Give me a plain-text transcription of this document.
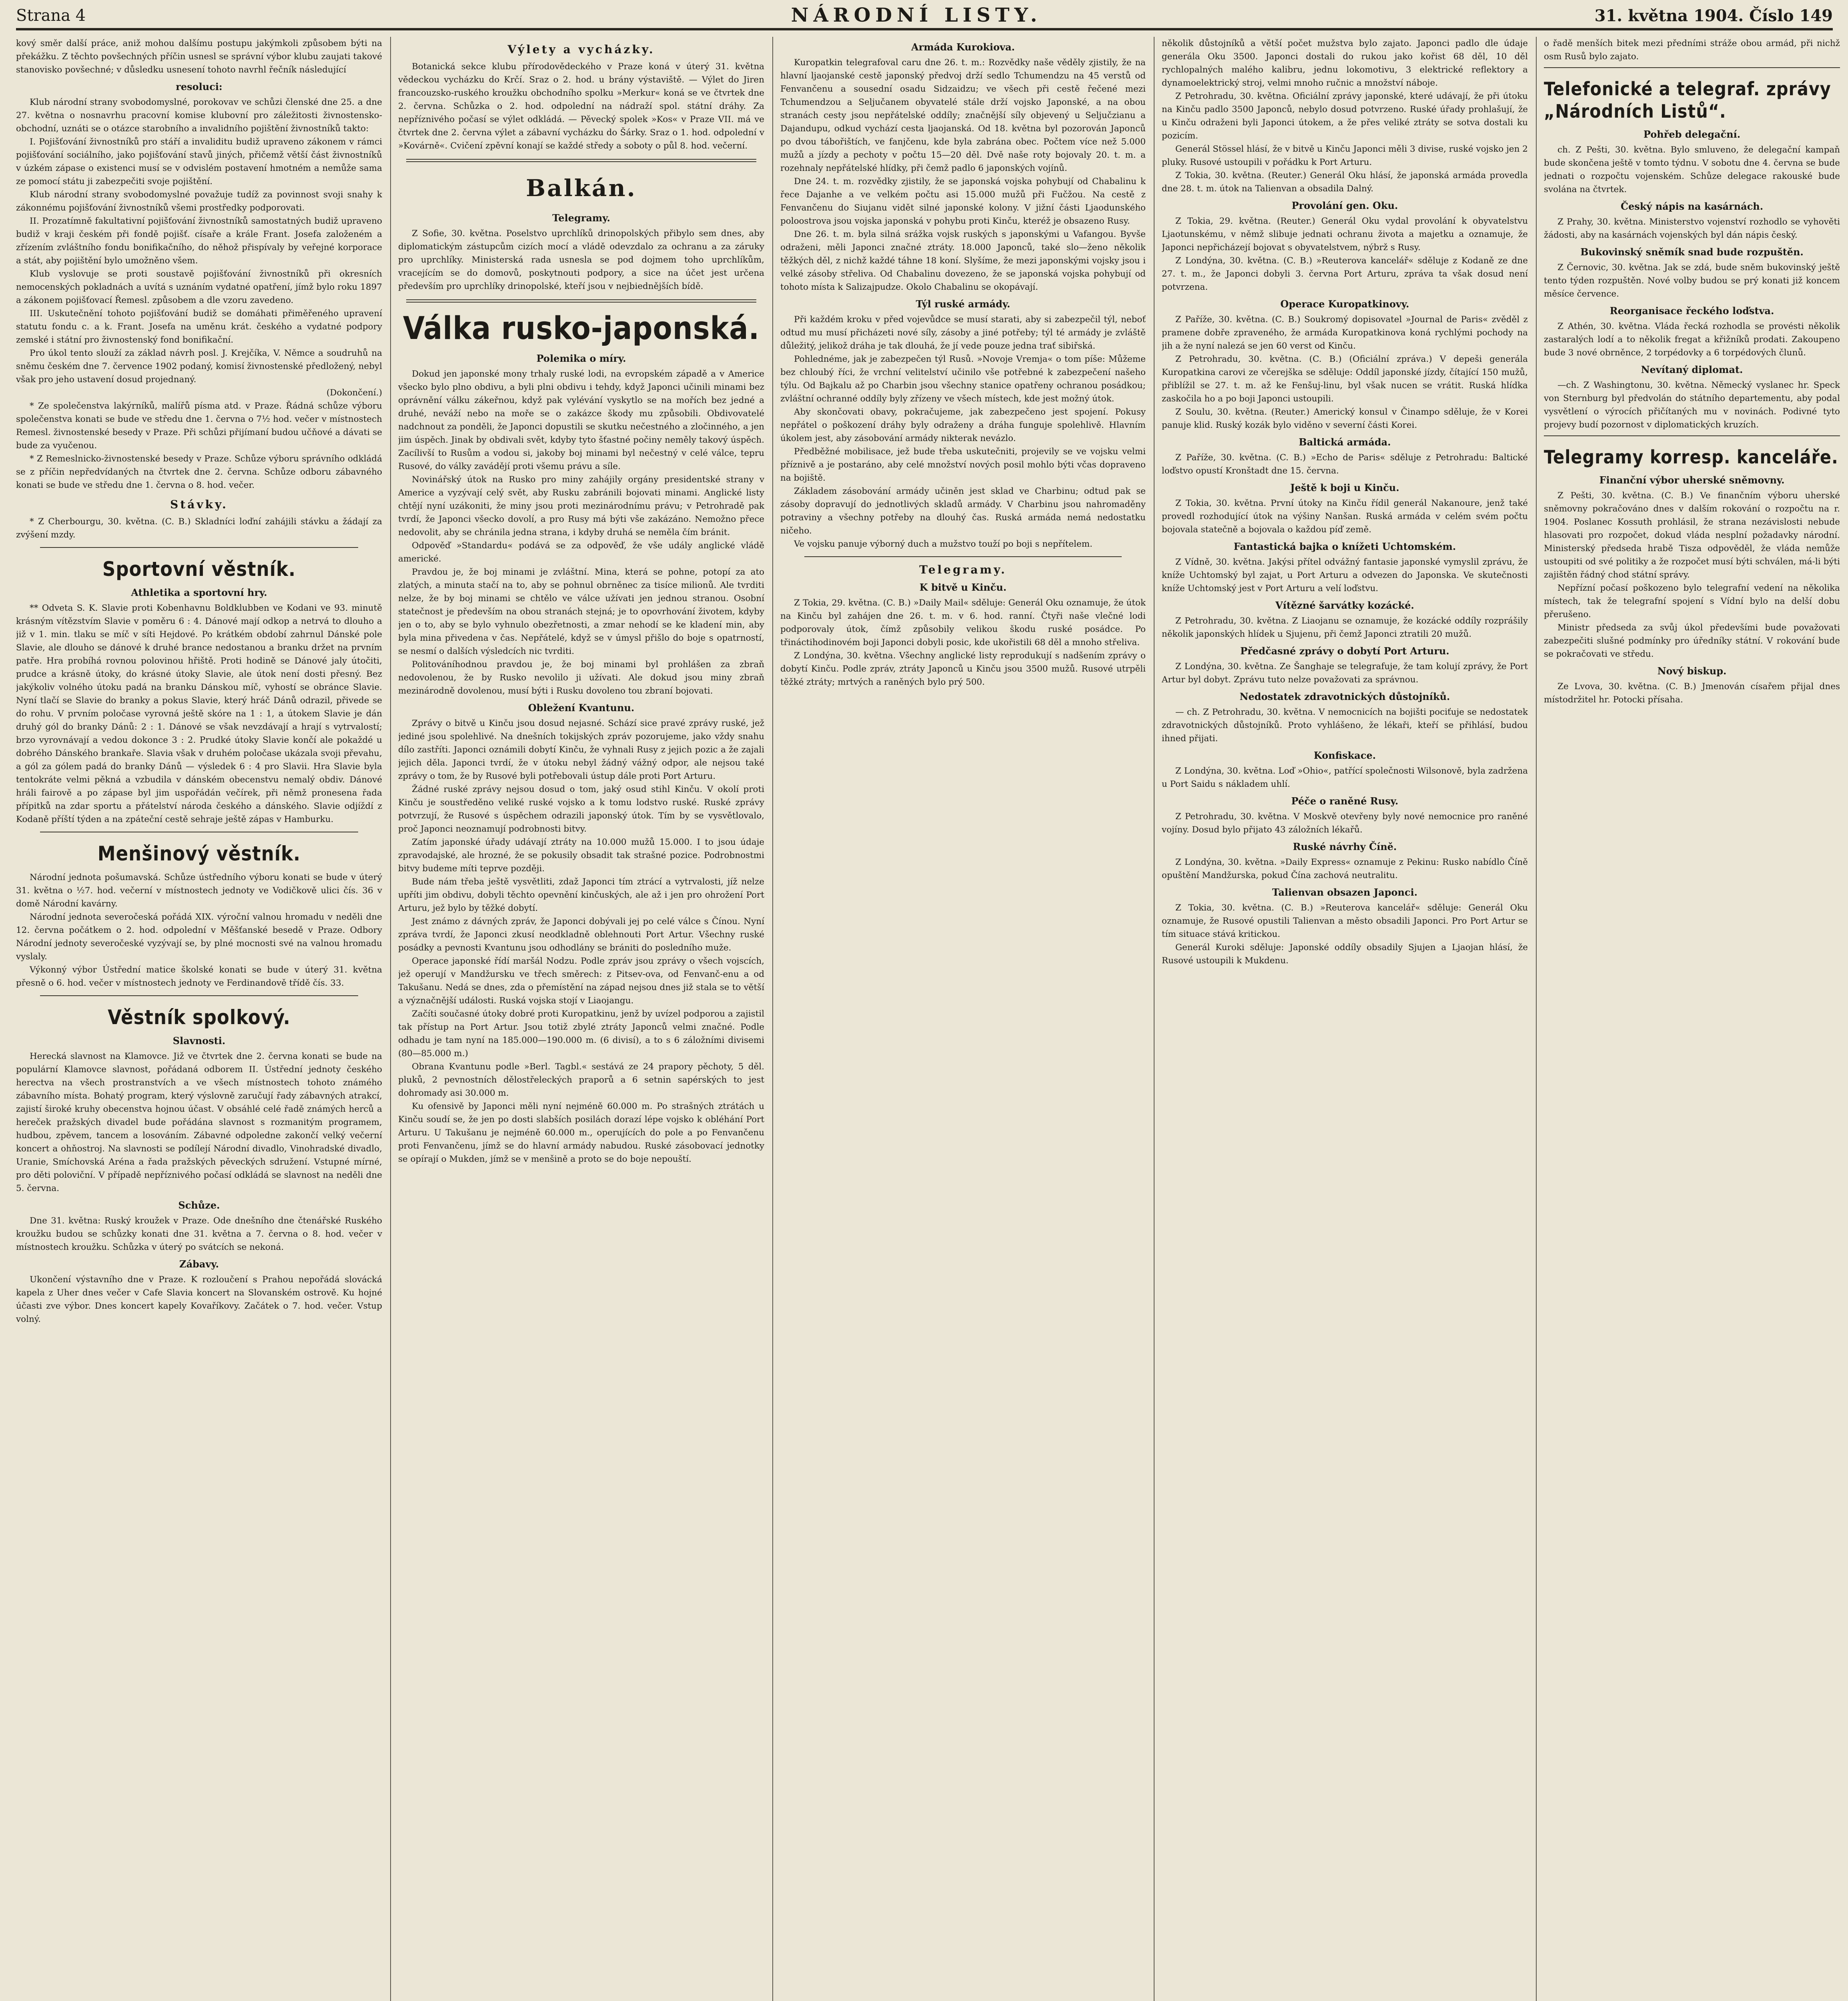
Strana 4	NÁRODNÍ LISTY.	31. května 1904. Číslo 149

kový směr další práce, aniž mohou dalšímu postupu jakýmkoli způsobem býti na překážku. Z těchto povšechných příčin usnesl se správní výbor klubu zaujati takové stanovisko povšechné; v důsledku usnesení tohoto navrhl řečník následující

resoluci:

Klub národní strany svobodomyslné, porokovav ve schůzi členské dne 25. a dne 27. května o nosnavrhu pracovní komise klubovní pro záležitosti živnostensko-obchodní, uznáti se o otázce starobního a invalidního pojištění živnostníků takto:

I. Pojišťování živnostníků pro stáří a invaliditu budiž upraveno zákonem v rámci pojišťování sociálního, jako pojišťování stavů jiných, přičemž větší část živnostníků v úzkém zápase o existenci musí se v odvislém postavení hmotném a nemůže sama ze pomocí státu ji zabezpečiti svoje pojištění.

Klub národní strany svobodomyslné považuje tudíž za povinnost svoji snahy k zákonnému pojišťování živnostníků všemi prostředky podporovati.

II. Prozatímně fakultativní pojišťování živnostníků samostatných budiž upraveno budiž v kraji českém při fondě pojišť. císaře a krále Frant. Josefa založeném a zřízením zvláštního fondu bonifikačního, do něhož přispívaly by veřejné korporace a stát, aby pojištění bylo umožněno všem.

Klub vyslovuje se proti soustavě pojišťování živnostníků při okresních nemocenských pokladnách a uvítá s uznáním vydatné opatření, jímž bylo roku 1897 a zákonem pojišťovací Řemesl. způsobem a dle vzoru zavedeno.

III. Uskutečnění tohoto pojišťování budiž se domáhati přiměřeného upravení statutu fondu c. a k. Frant. Josefa na uměnu krát. českého a vydatné podpory zemské i státní pro živnostenský fond bonifikační.

Pro úkol tento slouží za základ návrh posl. J. Krejčíka, V. Němce a soudruhů na sněmu českém dne 7. července 1902 podaný, komisí živnostenské předložený, nebyl však pro jeho ustavení dosud projednaný.

(Dokončení.)

* Ze společenstva lakýrníků, malířů písma atd. v Praze. Řádná schůze výboru společenstva konati se bude ve středu dne 1. června o 7½ hod. večer v místnostech Remesl. živnostenské besedy v Praze. Při schůzi přijímaní budou učňové a dávati se bude za vyučenou.

* Z Remeslnicko-živnostenské besedy v Praze. Schůze výboru správního odkládá se z příčin nepředvídaných na čtvrtek dne 2. června. Schůze odboru zábavného konati se bude ve středu dne 1. června o 8. hod. večer.

Stávky.

* Z Cherbourgu, 30. května. (C. B.) Skladníci loďní zahájili stávku a žádají za zvýšení mzdy.

Sportovní věstník.
Athletika a sportovní hry.

** Odveta S. K. Slavie proti Kobenhavnu Boldklubben ve Kodani ve 93. minutě krásným vítězstvím Slavie v poměru 6 : 4. Dánové mají odkop a netrvá to dlouho a již v 1. min. tlaku se míč v síti Hejdové. Po krátkém období zahrnul Dánské pole Slavie, ale dlouho se dánové k druhé brance nedostanou a branku držet na prvním patře. Hra probíhá rovnou polovinou hřiště. Proti hodině se Dánové jaly útočiti, prudce a krásně útoky, do krásné útoky Slavie, ale útok není dosti přesný. Bez jakýkoliv volného útoku padá na branku Dánskou míč, vyhostí se obránce Slavie. Nyní tlačí se Slavie do branky a pokus Slavie, který hráč Dánů odrazil, přivede se do rohu. V prvním poločase vyrovná ještě skóre na 1 : 1, a útokem Slavie je dán druhý gól do branky Dánů: 2 : 1. Dánové se však nevzdávají a hrají s vytrvalostí; brzo vyrovnávají a vedou dokonce 3 : 2. Prudké útoky Slavie končí ale pokaždé u dobrého Dánského brankaře. Slavia však v druhém poločase ukázala svoji převahu, a gól za gólem padá do branky Dánů — výsledek 6 : 4 pro Slavii. Hra Slavie byla tentokráte velmi pěkná a vzbudila v dánském obecenstvu nemalý obdiv. Dánové hráli fairově a po zápase byl jim uspořádán večírek, při němž pronesena řada přípitků na zdar sportu a přátelství národa českého a dánského. Slavie odjíždí z Kodaně příští týden a na zpáteční cestě sehraje ještě zápas v Hamburku.

Menšinový věstník.

Národní jednota pošumavská. Schůze ústředního výboru konati se bude v úterý 31. května o ½7. hod. večerní v místnostech jednoty ve Vodičkově ulici čís. 36 v domě Národní kavárny.

Národní jednota severočeská pořádá XIX. výroční valnou hromadu v neděli dne 12. června počátkem o 2. hod. odpolední v Měšťanské besedě v Praze. Odbory Národní jednoty severočeské vyzývají se, by plné mocnosti své na valnou hromadu vyslaly.

Výkonný výbor Ústřední matice školské konati se bude v úterý 31. května přesně o 6. hod. večer v místnostech jednoty ve Ferdinandově třídě čís. 33.

Věstník spolkový.
Slavnosti.

Herecká slavnost na Klamovce. Již ve čtvrtek dne 2. června konati se bude na populární Klamovce slavnost, pořádaná odborem II. Ústřední jednoty českého herectva na všech prostranstvích a ve všech místnostech tohoto známého zábavního místa. Bohatý program, který výslovně zaručují řady zábavných atrakcí, zajistí široké kruhy obecenstva hojnou účast. V obsáhlé celé řadě známých herců a hereček pražských divadel bude pořádána slavnost s rozmanitým programem, hudbou, zpěvem, tancem a losováním. Zábavné odpoledne zakončí velký večerní koncert a ohňostroj. Na slavnosti se podílejí Národní divadlo, Vinohradské divadlo, Uranie, Smíchovská Aréna a řada pražských pěveckých sdružení. Vstupné mírné, pro děti poloviční. V případě nepříznivého počasí odkládá se slavnost na neděli dne 5. června.

Schůze.

Dne 31. května: Ruský kroužek v Praze. Ode dnešního dne čtenářské Ruského kroužku budou se schůzky konati dne 31. května a 7. června o 8. hod. večer v místnostech kroužku. Schůzka v úterý po svátcích se nekoná.

Zábavy.

Ukončení výstavního dne v Praze. K rozloučení s Prahou nepořádá slovácká kapela z Uher dnes večer v Cafe Slavia koncert na Slovanském ostrově. Ku hojné účasti zve výbor. Dnes koncert kapely Kovaříkovy. Začátek o 7. hod. večer. Vstup volný.

Výlety a vycházky.

Botanická sekce klubu přírodovědeckého v Praze koná v úterý 31. května vědeckou vycházku do Krčí. Sraz o 2. hod. u brány výstaviště. — Výlet do Jiren francouzsko-ruského kroužku obchodního spolku »Merkur« koná se ve čtvrtek dne 2. června. Schůzka o 2. hod. odpolední na nádraží spol. státní dráhy. Za nepříznivého počasí se výlet odkládá. — Pěvecký spolek »Kos« v Praze VII. má ve čtvrtek dne 2. června výlet a zábavní vycházku do Šárky. Sraz o 1. hod. odpolední v »Kovárně«. Cvičení zpěvní konají se každé středy a soboty o půl 8. hod. večerní.

Balkán.
Telegramy.

Z Sofie, 30. května. Poselstvo uprchlíků drinopolských přibylo sem dnes, aby diplomatickým zástupcům cizích mocí a vládě odevzdalo za ochranu a za záruky pro uprchlíky. Ministerská rada usnesla se pod dojmem toho uprchlíkům, vracejícím se do domovů, poskytnouti podpory, a sice na účet jest určena především pro uprchlíky drinopolské, kteří jsou v nejbiednějších bídě.

Válka rusko-japonská.
Polemika o míry.

Dokud jen japonské mony trhaly ruské lodi, na evropském západě a v Americe všecko bylo plno obdivu, a byli plni obdivu i tehdy, když Japonci učinili minami bez oprávnění válku zákeřnou, když pak vylévání vyskytlo se na mořích bez jedné a druhé, neváží nebo na moře se o zakázce škody mu způsobili. Obdivovatelé nadchnout za ponděli, že Japonci dopustili se skutku nečestného a zločinného, a jen jim úspěch. Jinak by obdivali svět, kdyby tyto šťastné počiny neměly takový úspěch. Zacílivší to Rusům a vodou si, jakoby boj minami byl nečestný v celé válce, tepru Rusové, do války zavádějí proti všemu právu a síle.

Novinářský útok na Rusko pro miny zahájily orgány presidentské strany v Americe a vyzývají celý svět, aby Rusku zabránili bojovati minami. Anglické listy chtějí nyní uzákoniti, že miny jsou proti mezinárodnímu právu; v Petrohradě pak tvrdí, že Japonci všecko dovolí, a pro Rusy má býti vše zakázáno. Nemožno přece nedovolit, aby se chránila jedna strana, i kdyby druhá se neměla čím bránit.

Odpověď »Standardu« podává se za odpověď, že vše udály anglické vládě americké.

Pravdou je, že boj minami je zvláštní. Mina, která se pohne, potopí za ato zlatých, a minuta stačí na to, aby se pohnul obrněnec za tisíce milionů. Ale tvrditi nelze, že by boj minami se chtělo ve válce užívati jen jednou stranou. Osobní statečnost je především na obou stranách stejná; je to opovrhování životem, kdyby jen o to, aby se bylo vyhnulo obezřetnosti, a zmar nehodí se ke kladení min, aby byla mina přivedena v čas. Nepřátelé, když se v úmysl přišlo do boje s opatrností, se nesmí o dalších výsledcích nic tvrditi.

Politováníhodnou pravdou je, že boj minami byl prohlášen za zbraň nedovolenou, že by Rusko nevolilo ji užívati. Ale dokud jsou miny zbraň mezinárodně dovolenou, musí býti i Rusku dovoleno tou zbraní bojovati.

Obležení Kvantunu.

Zprávy o bitvě u Kinču jsou dosud nejasné. Schází sice pravé zprávy ruské, jež jediné jsou spolehlivé. Na dnešních tokijských zpráv pozorujeme, jako vždy snahu dílo zastříti. Japonci oznámili dobytí Kinču, že vyhnali Rusy z jejich pozic a že zajali jejich děla. Japonci tvrdí, že v útoku nebyl žádný vážný odpor, ale nejsou také zprávy o tom, že by Rusové byli potřebovali ústup dále proti Port Arturu.

Žádné ruské zprávy nejsou dosud o tom, jaký osud stihl Kinču. V okolí proti Kinču je soustředěno veliké ruské vojsko a k tomu lodstvo ruské. Ruské zprávy potvrzují, že Rusové s úspěchem odrazili japonský útok. Tím by se vysvětlovalo, proč Japonci neoznamují podrobnosti bitvy.

Zatím japonské úřady udávají ztráty na 10.000 mužů 15.000. I to jsou údaje zpravodajské, ale hrozné, že se pokusily obsadit tak strašné pozice. Podrobnostmi bitvy budeme míti teprve později.

Bude nám třeba ještě vysvětliti, zdaž Japonci tím ztrácí a vytrvalosti, jíž nelze upříti jim obdivu, dobyli těchto opevnění kinčuských, ale až i jen pro ohrožení Port Arturu, jež bylo by těžké dobytí.

Jest známo z dávných zpráv, že Japonci dobývali jej po celé válce s Čínou. Nyní zpráva tvrdí, že Japonci zkusí neodkladně oblehnouti Port Artur. Všechny ruské posádky a pevnosti Kvantunu jsou odhodlány se brániti do posledního muže.

Operace japonské řídí maršál Nodzu. Podle zpráv jsou zprávy o všech vojscích, jež operují v Mandžursku ve třech směrech: z Pitsev-ova, od Fenvanč-enu a od Takušanu. Nedá se dnes, zda o přemístění na západ nejsou dnes již stala se to větší a význačnější události. Ruská vojska stojí v Liaojangu.

Začíti současné útoky dobré proti Kuropatkinu, jenž by uvízel podporou a zajistil tak přístup na Port Artur. Jsou totiž zbylé ztráty Japonců velmi značné. Podle odhadu je tam nyní na 185.000—190.000 m. (6 divisí), a to s 6 záložními divisemi (80—85.000 m.)

Obrana Kvantunu podle »Berl. Tagbl.« sestává ze 24 prapory pěchoty, 5 děl. pluků, 2 pevnostních dělostřeleckých praporů a 6 setnin sapérských to jest dohromady asi 30.000 m.

Ku ofensivě by Japonci měli nyní nejméně 60.000 m. Po strašných ztrátách u Kinču soudí se, že jen po dosti slabších posilách dorazí lépe vojsko k obléhání Port Arturu. U Takušanu je nejméně 60.000 m., operujících do pole a po Fenvančenu proti Fenvančenu, jímž se do hlavní armády nabudou. Ruské zásobovací jednotky se opírají o Mukden, jímž se v menšině a proto se do boje nepouští.

Armáda Kurokiova.

Kuropatkin telegrafoval caru dne 26. t. m.: Rozvědky naše věděly zjistily, že na hlavní ljaojanské cestě japonský předvoj drží sedlo Tchumendzu na 45 verstů od Fenvančenu a sousední osadu Sidzaidzu; ve všech při cestě řečené mezi Tchumendzou a Seljučanem obyvatelé stále drží vojsko Japonské, a na obou stranách cesty jsou nepřátelské oddíly; značnější síly objevený u Seljučzianu a Dajandupu, odkud vychází cesta ljaojanská. Od 18. května byl pozorován Japonců po dvou tábořištích, ve fanjčenu, kde byla zabrána obec. Počtem více než 5.000 mužů a jízdy a pechoty v počtu 15—20 děl. Dvě naše roty bojovaly 20. t. m. a rozehnaly nepřátelské hlídky, při čemž padlo 6 japonských vojínů.

Dne 24. t. m. rozvědky zjistily, že se japonská vojska pohybují od Chabalinu k řece Dajanhe a ve velkém počtu asi 15.000 mužů při Fučžou. Na cestě z Fenvančenu do Siujanu vidět silné japonské kolony. V jižní části Ljaodunského poloostrova jsou vojska japonská v pohybu proti Kinču, kteréž je obsazeno Rusy.

Dne 26. t. m. byla silná srážka vojsk ruských s japonskými u Vafangou. Byvše odraženi, měli Japonci značné ztráty. 18.000 Japonců, také slo—ženo několik těžkých děl, z nichž každé táhne 18 koní. Slyšíme, že mezi japonskými vojsky jsou i velké zásoby střeliva. Od Chabalinu dovezeno, že se japonská vojska pohybují od tohoto místa k Salizajpudze. Okolo Chabalinu se okopávají.

Týl ruské armády.

Při každém kroku v před vojevůdce se musí starati, aby si zabezpečil týl, neboť odtud mu musí přicházeti nové síly, zásoby a jiné potřeby; týl té armády je zvláště důležitý, jelikož dráha je tak dlouhá, že jí vede pouze jedna trať sibiřská.

Pohlednéme, jak je zabezpečen týl Rusů. »Novoje Vremja« o tom píše: Můžeme bez chloubý říci, že vrchní velitelství učinilo vše potřebné k zabezpečení našeho týlu. Od Bajkalu až po Charbin jsou všechny stanice opatřeny ochranou posádkou; zvláštní ochranné oddíly byly zřízeny ve všech místech, kde jest možný útok.

Aby skončovati obavy, pokračujeme, jak zabezpečeno jest spojení. Pokusy nepřátel o poškození dráhy byly odraženy a dráha funguje spolehlivě. Hlavním úkolem jest, aby zásobování armády nikterak nevázlo.

Předběžné mobilisace, jež bude třeba uskutečniti, projevily se ve vojsku velmi příznivě a je postaráno, aby celé množství nových posil mohlo býti včas dopraveno na bojiště.

Základem zásobování armády učiněn jest sklad ve Charbinu; odtud pak se zásoby dopravují do jednotlivých skladů armády. V Charbinu jsou nahromaděny potraviny a všechny potřeby na dlouhý čas. Ruská armáda nemá nedostatku ničeho.

Ve vojsku panuje výborný duch a mužstvo touží po boji s nepřítelem.

Telegramy.
K bitvě u Kinču.

Z Tokia, 29. května. (C. B.) »Daily Mail« sděluje: Generál Oku oznamuje, že útok na Kinču byl zahájen dne 26. t. m. v 6. hod. ranní. Čtyři naše vlečné lodi podporovaly útok, čímž způsobily velikou škodu ruské posádce. Po třináctihodinovém boji Japonci dobyli posic, kde ukořistili 68 děl a mnoho střeliva.

Z Londýna, 30. května. Všechny anglické listy reprodukují s nadšením zprávy o dobytí Kinču. Podle zpráv, ztráty Japonců u Kinču jsou 3500 mužů. Rusové utrpěli těžké ztráty; mrtvých a raněných bylo prý 500.

několik důstojníků a větší počet mužstva bylo zajato. Japonci padlo dle údaje generála Oku 3500. Japonci dostali do rukou jako kořist 68 děl, 10 děl rychlopalných malého kalibru, jednu lokomotivu, 3 elektrické reflektory a dynamoelektrický stroj, velmi mnoho ručnic a množství náboje.

Z Petrohradu, 30. května. Oficiální zprávy japonské, které udávají, že při útoku na Kinču padlo 3500 Japonců, nebylo dosud potvrzeno. Ruské úřady prohlašují, že u Kinču odraženi byli Japonci útokem, a že přes veliké ztráty se sotva dostali ku pozicím.

Generál Stössel hlásí, že v bitvě u Kinču Japonci měli 3 divise, ruské vojsko jen 2 pluky. Rusové ustoupili v pořádku k Port Arturu.

Z Tokia, 30. května. (Reuter.) Generál Oku hlásí, že japonská armáda provedla dne 28. t. m. útok na Talienvan a obsadila Dalný.

Provolání gen. Oku.

Z Tokia, 29. května. (Reuter.) Generál Oku vydal provolání k obyvatelstvu Ljaotunskému, v němž slibuje jednati ochranu života a majetku a oznamuje, že Japonci nepřicházejí bojovat s obyvatelstvem, nýbrž s Rusy.

Z Londýna, 30. května. (C. B.) »Reuterova kancelář« sděluje z Kodaně ze dne 27. t. m., že Japonci dobyli 3. června Port Arturu, zpráva ta však dosud není potvrzena.

Operace Kuropatkinovy.

Z Paříže, 30. května. (C. B.) Soukromý dopisovatel »Journal de Paris« zvěděl z pramene dobře zpraveného, že armáda Kuropatkinova koná rychlými pochody na jih a že nyní nalezá se jen 60 verst od Kinču.

Z Petrohradu, 30. května. (C. B.) (Oficiální zpráva.) V depeši generála Kuropatkina carovi ze včerejška se sděluje: Oddíl japonské jízdy, čítající 150 mužů, přiblížil se 27. t. m. až ke Fenšuj-linu, byl však nucen se vrátit. Ruská hlídka zaskočila ho a po boji Japonci ustoupili.

Z Soulu, 30. května. (Reuter.) Americký konsul v Činampo sděluje, že v Korei panuje klid. Ruský kozák bylo viděno v severní části Korei.

Baltická armáda.

Z Paříže, 30. května. (C. B.) »Echo de Paris« sděluje z Petrohradu: Baltické loďstvo opustí Kronštadt dne 15. června.

Ještě k boji u Kinču.

Z Tokia, 30. května. První útoky na Kinču řídil generál Nakanoure, jenž také provedl rozhodující útok na výšiny Nanšan. Ruská armáda v celém svém počtu bojovala statečně a bojovala o každou píď země.

Fantastická bajka o knížeti Uchtomském.

Z Vídně, 30. května. Jakýsi přítel odvážný fantasie japonské vymyslil zprávu, že kníže Uchtomský byl zajat, u Port Arturu a odvezen do Japonska. Ve skutečnosti kníže Uchtomský jest v Port Arturu a velí loďstvu.

Vítězné šarvátky kozácké.

Z Petrohradu, 30. května. Z Liaojanu se oznamuje, že kozácké oddíly rozprášily několik japonských hlídek u Sjujenu, při čemž Japonci ztratili 20 mužů.

Předčasné zprávy o dobytí Port Arturu.

Z Londýna, 30. května. Ze Šanghaje se telegrafuje, že tam kolují zprávy, že Port Artur byl dobyt. Zprávu tuto nelze považovati za správnou.

Nedostatek zdravotnických důstojníků.

— ch. Z Petrohradu, 30. května. V nemocnicích na bojišti pociťuje se nedostatek zdravotnických důstojníků. Proto vyhlášeno, že lékaři, kteří se přihlásí, budou ihned přijati.

Konfiskace.

Z Londýna, 30. května. Loď »Ohio«, patřící společnosti Wilsonově, byla zadržena u Port Saidu s nákladem uhlí.

Péče o raněné Rusy.

Z Petrohradu, 30. května. V Moskvě otevřeny byly nové nemocnice pro raněné vojíny. Dosud bylo přijato 43 záložních lékařů.

Ruské návrhy Číně.

Z Londýna, 30. května. »Daily Express« oznamuje z Pekinu: Rusko nabídlo Číně opuštění Mandžurska, pokud Čína zachová neutralitu.

Talienvan obsazen Japonci.

Z Tokia, 30. května. (C. B.) »Reuterova kancelář« sděluje: Generál Oku oznamuje, že Rusové opustili Talienvan a město obsadili Japonci. Pro Port Artur se tím situace stává kritickou.

Generál Kuroki sděluje: Japonské oddíly obsadily Sjujen a Ljaojan hlásí, že Rusové ustoupili k Mukdenu.

o řadě menších bitek mezi předními stráže obou armád, při nichž osm Rusů bylo zajato.

Telefonické a telegraf. zprávy „Národních Listů“.
Pohřeb delegační.

ch. Z Pešti, 30. května. Bylo smluveno, že delegační kampaň bude skončena ještě v tomto týdnu. V sobotu dne 4. června se bude jednati o rozpočtu vojenském. Schůze delegace rakouské bude svolána na čtvrtek.

Český nápis na kasárnách.

Z Prahy, 30. května. Ministerstvo vojenství rozhodlo se vyhověti žádosti, aby na kasárnách vojenských byl dán nápis český.

Bukovinský sněmík snad bude rozpuštěn.

Z Černovic, 30. května. Jak se zdá, bude sněm bukovinský ještě tento týden rozpuštěn. Nové volby budou se prý konati již koncem měsíce července.

Reorganisace řeckého loďstva.

Z Athén, 30. května. Vláda řecká rozhodla se provésti několik zastaralých lodí a to několik fregat a křižníků prodati. Zakoupeno bude 3 nové obrněnce, 2 torpédovky a 6 torpédových člunů.

Nevítaný diplomat.

—ch. Z Washingtonu, 30. května. Německý vyslanec hr. Speck von Sternburg byl předvolán do státního departementu, aby podal vysvětlení o výrocích přičítaných mu v novinách. Podivné tyto projevy budí pozornost v diplomatických kruzích.

Telegramy korresp. kanceláře.
Finanční výbor uherské sněmovny.

Z Pešti, 30. května. (C. B.) Ve finančním výboru uherské sněmovny pokračováno dnes v dalším rokování o rozpočtu na r. 1904. Poslanec Kossuth prohlásil, že strana nezávislosti nebude hlasovati pro rozpočet, dokud vláda nesplní požadavky národní. Ministerský předseda hrabě Tisza odpověděl, že vláda nemůže ustoupiti od své politiky a že rozpočet musí býti schválen, má-li býti zajištěn řádný chod státní správy.

Nepřízní počasí poškozeno bylo telegrafní vedení na několika místech, tak že telegrafní spojení s Vídní bylo na delší dobu přerušeno.

Ministr předseda za svůj úkol předevšími bude považovati zabezpečiti slušné podmínky pro úředníky státní. V rokování bude se pokračovati ve středu.

Nový biskup.

Ze Lvova, 30. května. (C. B.) Jmenován císařem přijal dnes místodržitel hr. Potocki přísaha.
